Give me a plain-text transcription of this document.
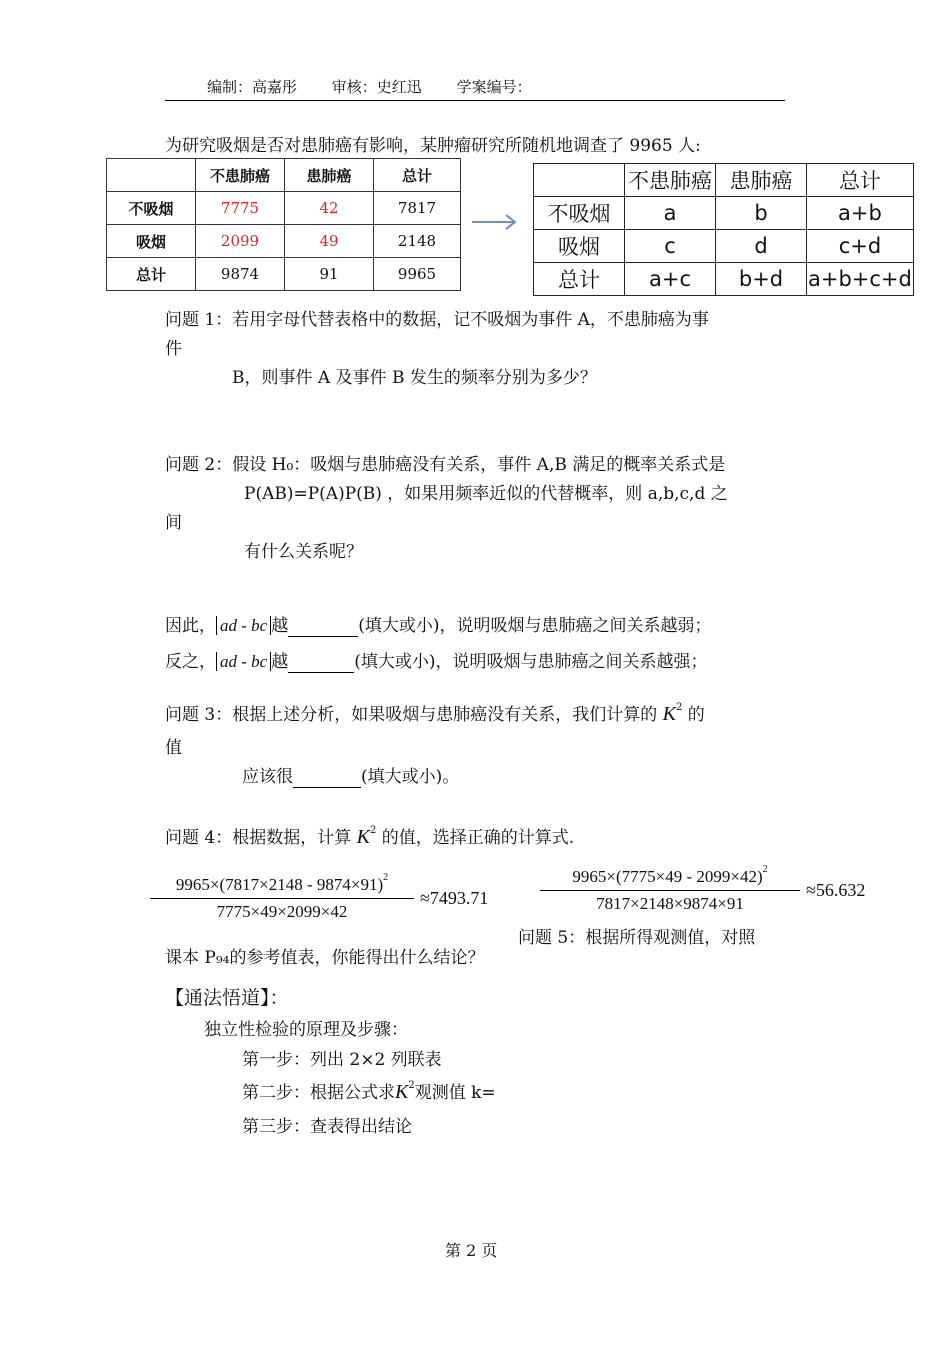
编制：高嘉彤 审核：史红迅 学案编号：
为研究吸烟是否对患肺癌有影响，某肿瘤研究所随机地调查了 9965 人:
	不患肺癌	患肺癌	总计
不吸烟	7775	42	7817
吸烟	2099	49	2148
总计	9874	91	9965
	不患肺癌	患肺癌	总计
不吸烟	a	b	a+b
吸烟	c	d	c+d
总计	a+c	b+d	a+b+c+d
问题 1：若用字母代替表格中的数据，记不吸烟为事件 A，不患肺癌为事
件
B，则事件 A 及事件 B 发生的频率分别为多少？
问题 2：假设 H₀：吸烟与患肺癌没有关系，事件 A,B 满足的概率关系式是
P(AB)=P(A)P(B) ，如果用频率近似的代替概率，则 a,b,c,d 之
间
有什么关系呢？
因此， ad - bc 越	(填大或小)，说明吸烟与患肺癌之间关系越弱；
反之， ad - bc 越	(填大或小)，说明吸烟与患肺癌之间关系越强；
问题 3：根据上述分析，如果吸烟与患肺癌没有关系，我们计算的 $K^2$ 的
值
应该很	(填大或小)。
问题 4：根据数据，计算 $K^2$ 的值，选择正确的计算式.
$\frac{9965\times(7817\times 2148 - 9874\times 91)^2}{7775\times 49\times 2099\times 42} \approx 7493.71$	$\frac{9965\times(7775\times 49 - 2099\times 42)^2}{7817\times 2148\times 9874\times 91} \approx 56.632$
问题 5：根据所得观测值，对照
课本 P₉₄的参考值表，你能得出什么结论？
【通法悟道】：
独立性检验的原理及步骤：
第一步：列出 2×2 列联表
第二步：根据公式求$K^2$观测值 k=
第三步：查表得出结论
第 2 页
